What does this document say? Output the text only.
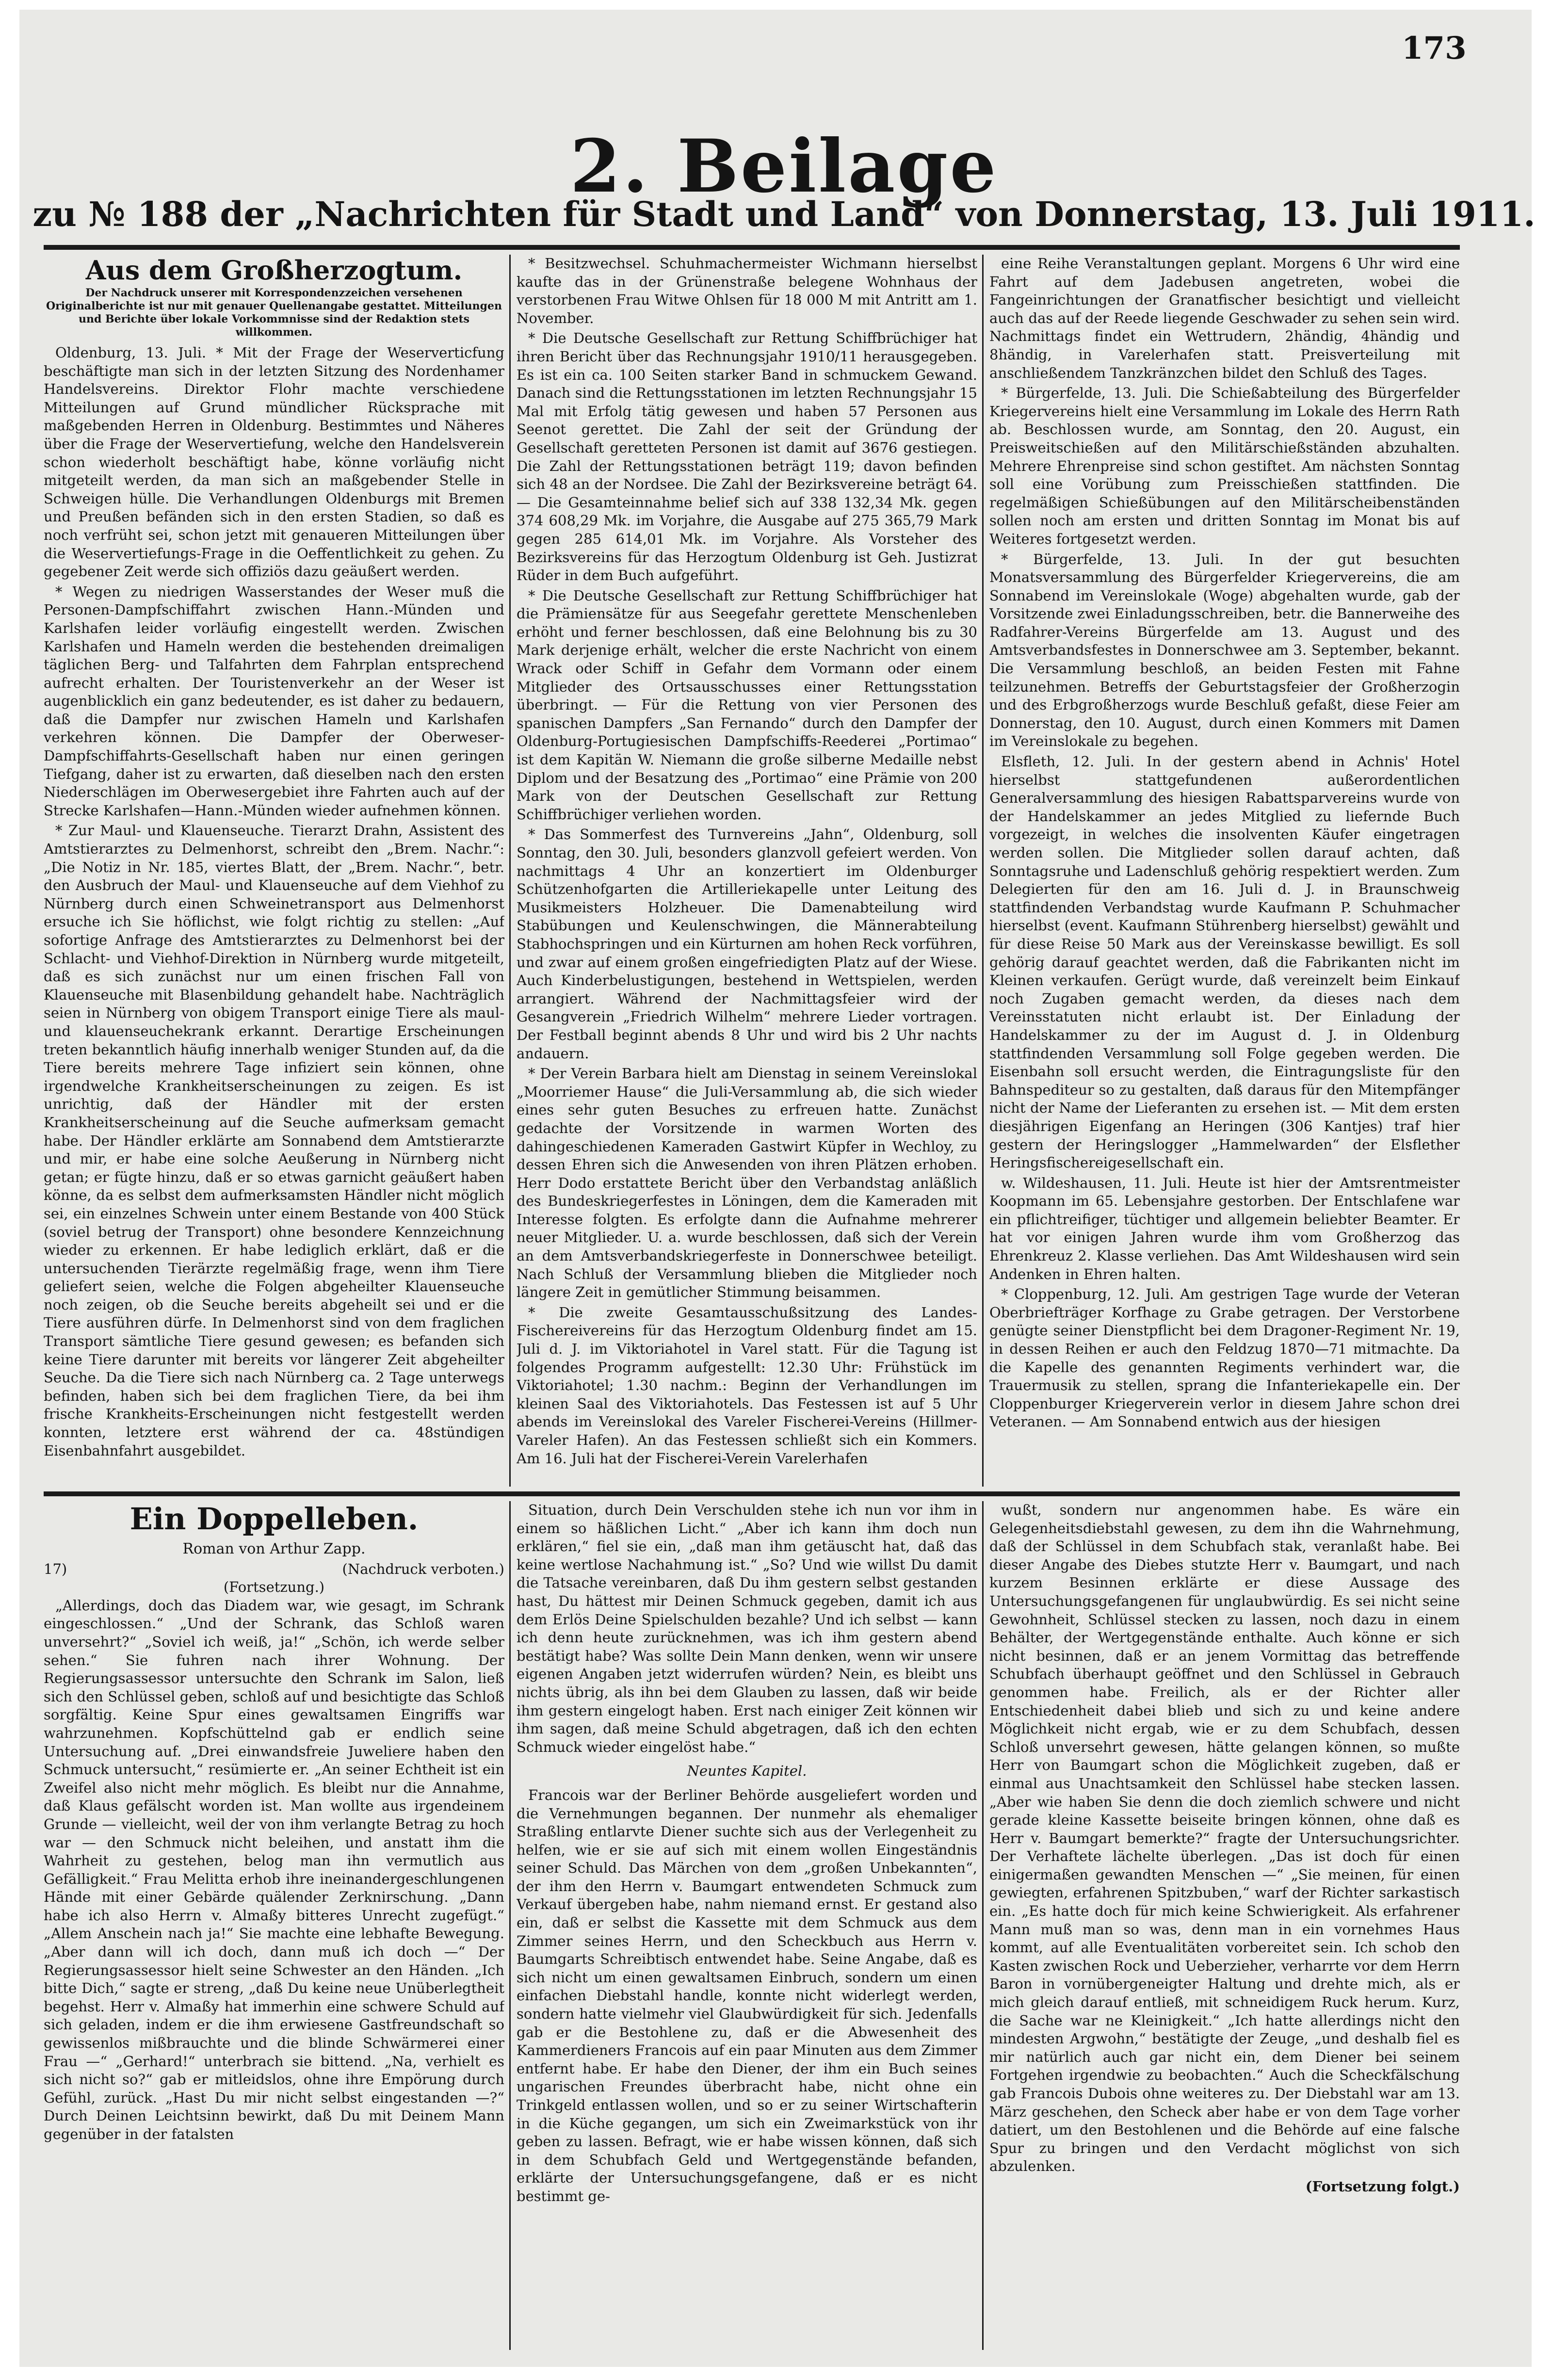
173
2. Beilage
zu № 188 der „Nachrichten für Stadt und Land“ von Donnerstag, 13. Juli 1911.
Aus dem Großherzogtum.
Der Nachdruck unserer mit Korrespondenzzeichen versehenen Originalberichte ist nur mit genauer Quellenangabe gestattet. Mitteilungen und Berichte über lokale Vorkommnisse sind der Redaktion stets willkommen.

Oldenburg, 13. Juli. * Mit der Frage der Weserverticfung beschäftigte man sich in der letzten Sitzung des Nordenhamer Handelsvereins. Direktor Flohr machte verschiedene Mitteilungen auf Grund mündlicher Rücksprache mit maßgebenden Herren in Oldenburg. Bestimmtes und Näheres über die Frage der Weservertiefung, welche den Handelsverein schon wiederholt beschäftigt habe, könne vorläufig nicht mitgeteilt werden, da man sich an maßgebender Stelle in Schweigen hülle. Die Verhandlungen Oldenburgs mit Bremen und Preußen befänden sich in den ersten Stadien, so daß es noch verfrüht sei, schon jetzt mit genaueren Mitteilungen über die Weservertiefungs-Frage in die Oeffentlichkeit zu gehen. Zu gegebener Zeit werde sich offiziös dazu geäußert werden.

* Wegen zu niedrigen Wasserstandes der Weser muß die Personen-Dampfschiffahrt zwischen Hann.-Münden und Karlshafen leider vorläufig eingestellt werden. Zwischen Karlshafen und Hameln werden die bestehenden dreimaligen täglichen Berg- und Talfahrten dem Fahrplan entsprechend aufrecht erhalten. Der Touristenverkehr an der Weser ist augenblicklich ein ganz bedeutender, es ist daher zu bedauern, daß die Dampfer nur zwischen Hameln und Karlshafen verkehren können. Die Dampfer der Oberweser-Dampfschiffahrts-Gesellschaft haben nur einen geringen Tiefgang, daher ist zu erwarten, daß dieselben nach den ersten Niederschlägen im Oberwesergebiet ihre Fahrten auch auf der Strecke Karlshafen—Hann.-Münden wieder aufnehmen können.

* Zur Maul- und Klauenseuche. Tierarzt Drahn, Assistent des Amtstierarztes zu Delmenhorst, schreibt den „Brem. Nachr.“: „Die Notiz in Nr. 185, viertes Blatt, der „Brem. Nachr.“, betr. den Ausbruch der Maul- und Klauenseuche auf dem Viehhof zu Nürnberg durch einen Schweinetransport aus Delmenhorst ersuche ich Sie höflichst, wie folgt richtig zu stellen: „Auf sofortige Anfrage des Amtstierarztes zu Delmenhorst bei der Schlacht- und Viehhof-Direktion in Nürnberg wurde mitgeteilt, daß es sich zunächst nur um einen frischen Fall von Klauenseuche mit Blasenbildung gehandelt habe. Nachträglich seien in Nürnberg von obigem Transport einige Tiere als maul- und klauenseuchekrank erkannt. Derartige Erscheinungen treten bekanntlich häufig innerhalb weniger Stunden auf, da die Tiere bereits mehrere Tage infiziert sein können, ohne irgendwelche Krankheitserscheinungen zu zeigen. Es ist unrichtig, daß der Händler mit der ersten Krankheitserscheinung auf die Seuche aufmerksam gemacht habe. Der Händler erklärte am Sonnabend dem Amtstierarzte und mir, er habe eine solche Aeußerung in Nürnberg nicht getan; er fügte hinzu, daß er so etwas garnicht geäußert haben könne, da es selbst dem aufmerksamsten Händler nicht möglich sei, ein einzelnes Schwein unter einem Bestande von 400 Stück (soviel betrug der Transport) ohne besondere Kennzeichnung wieder zu erkennen. Er habe lediglich erklärt, daß er die untersuchenden Tierärzte regelmäßig frage, wenn ihm Tiere geliefert seien, welche die Folgen abgeheilter Klauenseuche noch zeigen, ob die Seuche bereits abgeheilt sei und er die Tiere ausführen dürfe. In Delmenhorst sind von dem fraglichen Transport sämtliche Tiere gesund gewesen; es befanden sich keine Tiere darunter mit bereits vor längerer Zeit abgeheilter Seuche. Da die Tiere sich nach Nürnberg ca. 2 Tage unterwegs befinden, haben sich bei dem fraglichen Tiere, da bei ihm frische Krankheits-Erscheinungen nicht festgestellt werden konnten, letztere erst während der ca. 48stündigen Eisenbahnfahrt ausgebildet.

* Besitzwechsel. Schuhmachermeister Wichmann hierselbst kaufte das in der Grünenstraße belegene Wohnhaus der verstorbenen Frau Witwe Ohlsen für 18 000 M mit Antritt am 1. November.

* Die Deutsche Gesellschaft zur Rettung Schiffbrüchiger hat ihren Bericht über das Rechnungsjahr 1910/11 herausgegeben. Es ist ein ca. 100 Seiten starker Band in schmuckem Gewand. Danach sind die Rettungsstationen im letzten Rechnungsjahr 15 Mal mit Erfolg tätig gewesen und haben 57 Personen aus Seenot gerettet. Die Zahl der seit der Gründung der Gesellschaft geretteten Personen ist damit auf 3676 gestiegen. Die Zahl der Rettungsstationen beträgt 119; davon befinden sich 48 an der Nordsee. Die Zahl der Bezirksvereine beträgt 64. — Die Gesamteinnahme belief sich auf 338 132,34 Mk. gegen 374 608,29 Mk. im Vorjahre, die Ausgabe auf 275 365,79 Mark gegen 285 614,01 Mk. im Vorjahre. Als Vorsteher des Bezirksvereins für das Herzogtum Oldenburg ist Geh. Justizrat Rüder in dem Buch aufgeführt.

* Die Deutsche Gesellschaft zur Rettung Schiffbrüchiger hat die Prämiensätze für aus Seegefahr gerettete Menschenleben erhöht und ferner beschlossen, daß eine Belohnung bis zu 30 Mark derjenige erhält, welcher die erste Nachricht von einem Wrack oder Schiff in Gefahr dem Vormann oder einem Mitglieder des Ortsausschusses einer Rettungsstation überbringt. — Für die Rettung von vier Personen des spanischen Dampfers „San Fernando“ durch den Dampfer der Oldenburg-Portugiesischen Dampfschiffs-Reederei „Portimao“ ist dem Kapitän W. Niemann die große silberne Medaille nebst Diplom und der Besatzung des „Portimao“ eine Prämie von 200 Mark von der Deutschen Gesellschaft zur Rettung Schiffbrüchiger verliehen worden.

* Das Sommerfest des Turnvereins „Jahn“, Oldenburg, soll Sonntag, den 30. Juli, besonders glanzvoll gefeiert werden. Von nachmittags 4 Uhr an konzertiert im Oldenburger Schützenhofgarten die Artilleriekapelle unter Leitung des Musikmeisters Holzheuer. Die Damenabteilung wird Stabübungen und Keulenschwingen, die Männerabteilung Stabhochspringen und ein Kürturnen am hohen Reck vorführen, und zwar auf einem großen eingefriedigten Platz auf der Wiese. Auch Kinderbelustigungen, bestehend in Wettspielen, werden arrangiert. Während der Nachmittagsfeier wird der Gesangverein „Friedrich Wilhelm“ mehrere Lieder vortragen. Der Festball beginnt abends 8 Uhr und wird bis 2 Uhr nachts andauern.

* Der Verein Barbara hielt am Dienstag in seinem Vereinslokal „Moorriemer Hause“ die Juli-Versammlung ab, die sich wieder eines sehr guten Besuches zu erfreuen hatte. Zunächst gedachte der Vorsitzende in warmen Worten des dahingeschiedenen Kameraden Gastwirt Küpfer in Wechloy, zu dessen Ehren sich die Anwesenden von ihren Plätzen erhoben. Herr Dodo erstattete Bericht über den Verbandstag anläßlich des Bundeskriegerfestes in Löningen, dem die Kameraden mit Interesse folgten. Es erfolgte dann die Aufnahme mehrerer neuer Mitglieder. U. a. wurde beschlossen, daß sich der Verein an dem Amtsverbandskriegerfeste in Donnerschwee beteiligt. Nach Schluß der Versammlung blieben die Mitglieder noch längere Zeit in gemütlicher Stimmung beisammen.

* Die zweite Gesamtausschußsitzung des Landes-Fischereivereins für das Herzogtum Oldenburg findet am 15. Juli d. J. im Viktoriahotel in Varel statt. Für die Tagung ist folgendes Programm aufgestellt: 12.30 Uhr: Frühstück im Viktoriahotel; 1.30 nachm.: Beginn der Verhandlungen im kleinen Saal des Viktoriahotels. Das Festessen ist auf 5 Uhr abends im Vereinslokal des Vareler Fischerei-Vereins (Hillmer-Vareler Hafen). An das Festessen schließt sich ein Kommers. Am 16. Juli hat der Fischerei-Verein Varelerhafen

eine Reihe Veranstaltungen geplant. Morgens 6 Uhr wird eine Fahrt auf dem Jadebusen angetreten, wobei die Fangeinrichtungen der Granatfischer besichtigt und vielleicht auch das auf der Reede liegende Geschwader zu sehen sein wird. Nachmittags findet ein Wettrudern, 2händig, 4händig und 8händig, in Varelerhafen statt. Preisverteilung mit anschließendem Tanzkränzchen bildet den Schluß des Tages.

* Bürgerfelde, 13. Juli. Die Schießabteilung des Bürgerfelder Kriegervereins hielt eine Versammlung im Lokale des Herrn Rath ab. Beschlossen wurde, am Sonntag, den 20. August, ein Preisweitschießen auf den Militärschießständen abzuhalten. Mehrere Ehrenpreise sind schon gestiftet. Am nächsten Sonntag soll eine Vorübung zum Preisschießen stattfinden. Die regelmäßigen Schießübungen auf den Militärscheibenständen sollen noch am ersten und dritten Sonntag im Monat bis auf Weiteres fortgesetzt werden.

* Bürgerfelde, 13. Juli. In der gut besuchten Monatsversammlung des Bürgerfelder Kriegervereins, die am Sonnabend im Vereinslokale (Woge) abgehalten wurde, gab der Vorsitzende zwei Einladungsschreiben, betr. die Bannerweihe des Radfahrer-Vereins Bürgerfelde am 13. August und des Amtsverbandsfestes in Donnerschwee am 3. September, bekannt. Die Versammlung beschloß, an beiden Festen mit Fahne teilzunehmen. Betreffs der Geburtstagsfeier der Großherzogin und des Erbgroßherzogs wurde Beschluß gefaßt, diese Feier am Donnerstag, den 10. August, durch einen Kommers mit Damen im Vereinslokale zu begehen.

Elsfleth, 12. Juli. In der gestern abend in Achnis' Hotel hierselbst stattgefundenen außerordentlichen Generalversammlung des hiesigen Rabattsparvereins wurde von der Handelskammer an jedes Mitglied zu liefernde Buch vorgezeigt, in welches die insolventen Käufer eingetragen werden sollen. Die Mitglieder sollen darauf achten, daß Sonntagsruhe und Ladenschluß gehörig respektiert werden. Zum Delegierten für den am 16. Juli d. J. in Braunschweig stattfindenden Verbandstag wurde Kaufmann P. Schuhmacher hierselbst (event. Kaufmann Stührenberg hierselbst) gewählt und für diese Reise 50 Mark aus der Vereinskasse bewilligt. Es soll gehörig darauf geachtet werden, daß die Fabrikanten nicht im Kleinen verkaufen. Gerügt wurde, daß vereinzelt beim Einkauf noch Zugaben gemacht werden, da dieses nach dem Vereinsstatuten nicht erlaubt ist. Der Einladung der Handelskammer zu der im August d. J. in Oldenburg stattfindenden Versammlung soll Folge gegeben werden. Die Eisenbahn soll ersucht werden, die Eintragungsliste für den Bahnspediteur so zu gestalten, daß daraus für den Mitempfänger nicht der Name der Lieferanten zu ersehen ist. — Mit dem ersten diesjährigen Eigenfang an Heringen (306 Kantjes) traf hier gestern der Heringslogger „Hammelwarden“ der Elsflether Heringsfischereigesellschaft ein.

w. Wildeshausen, 11. Juli. Heute ist hier der Amtsrentmeister Koopmann im 65. Lebensjahre gestorben. Der Entschlafene war ein pflichtreifiger, tüchtiger und allgemein beliebter Beamter. Er hat vor einigen Jahren wurde ihm vom Großherzog das Ehrenkreuz 2. Klasse verliehen. Das Amt Wildeshausen wird sein Andenken in Ehren halten.

* Cloppenburg, 12. Juli. Am gestrigen Tage wurde der Veteran Oberbriefträger Korfhage zu Grabe getragen. Der Verstorbene genügte seiner Dienstpflicht bei dem Dragoner-Regiment Nr. 19, in dessen Reihen er auch den Feldzug 1870—71 mitmachte. Da die Kapelle des genannten Regiments verhindert war, die Trauermusik zu stellen, sprang die Infanteriekapelle ein. Der Cloppenburger Kriegerverein verlor in diesem Jahre schon drei Veteranen. — Am Sonnabend entwich aus der hiesigen

Ein Doppelleben.
Roman von Arthur Zapp.
17)	(Nachdruck verboten.)
(Fortsetzung.)

„Allerdings, doch das Diadem war, wie gesagt, im Schrank eingeschlossen.“ „Und der Schrank, das Schloß waren unversehrt?“ „Soviel ich weiß, ja!“ „Schön, ich werde selber sehen.“ Sie fuhren nach ihrer Wohnung. Der Regierungsassessor untersuchte den Schrank im Salon, ließ sich den Schlüssel geben, schloß auf und besichtigte das Schloß sorgfältig. Keine Spur eines gewaltsamen Eingriffs war wahrzunehmen. Kopfschüttelnd gab er endlich seine Untersuchung auf. „Drei einwandsfreie Juweliere haben den Schmuck untersucht,“ resümierte er. „An seiner Echtheit ist ein Zweifel also nicht mehr möglich. Es bleibt nur die Annahme, daß Klaus gefälscht worden ist. Man wollte aus irgendeinem Grunde — vielleicht, weil der von ihm verlangte Betrag zu hoch war — den Schmuck nicht beleihen, und anstatt ihm die Wahrheit zu gestehen, belog man ihn vermutlich aus Gefälligkeit.“ Frau Melitta erhob ihre ineinandergeschlungenen Hände mit einer Gebärde quälender Zerknirschung. „Dann habe ich also Herrn v. Almaßy bitteres Unrecht zugefügt.“ „Allem Anschein nach ja!“ Sie machte eine lebhafte Bewegung. „Aber dann will ich doch, dann muß ich doch —“ Der Regierungsassessor hielt seine Schwester an den Händen. „Ich bitte Dich,“ sagte er streng, „daß Du keine neue Unüberlegtheit begehst. Herr v. Almaßy hat immerhin eine schwere Schuld auf sich geladen, indem er die ihm erwiesene Gastfreundschaft so gewissenlos mißbrauchte und die blinde Schwärmerei einer Frau —“ „Gerhard!“ unterbrach sie bittend. „Na, verhielt es sich nicht so?“ gab er mitleidslos, ohne ihre Empörung durch Gefühl, zurück. „Hast Du mir nicht selbst eingestanden —?“ Durch Deinen Leichtsinn bewirkt, daß Du mit Deinem Mann gegenüber in der fatalsten

Situation, durch Dein Verschulden stehe ich nun vor ihm in einem so häßlichen Licht.“ „Aber ich kann ihm doch nun erklären,“ fiel sie ein, „daß man ihm getäuscht hat, daß das keine wertlose Nachahmung ist.“ „So? Und wie willst Du damit die Tatsache vereinbaren, daß Du ihm gestern selbst gestanden hast, Du hättest mir Deinen Schmuck gegeben, damit ich aus dem Erlös Deine Spielschulden bezahle? Und ich selbst — kann ich denn heute zurücknehmen, was ich ihm gestern abend bestätigt habe? Was sollte Dein Mann denken, wenn wir unsere eigenen Angaben jetzt widerrufen würden? Nein, es bleibt uns nichts übrig, als ihn bei dem Glauben zu lassen, daß wir beide ihm gestern eingelogt haben. Erst nach einiger Zeit können wir ihm sagen, daß meine Schuld abgetragen, daß ich den echten Schmuck wieder eingelöst habe.“

Neuntes Kapitel.

Francois war der Berliner Behörde ausgeliefert worden und die Vernehmungen begannen. Der nunmehr als ehemaliger Straßling entlarvte Diener suchte sich aus der Verlegenheit zu helfen, wie er sie auf sich mit einem wollen Eingeständnis seiner Schuld. Das Märchen von dem „großen Unbekannten“, der ihm den Herrn v. Baumgart entwendeten Schmuck zum Verkauf übergeben habe, nahm niemand ernst. Er gestand also ein, daß er selbst die Kassette mit dem Schmuck aus dem Zimmer seines Herrn, und den Scheckbuch aus Herrn v. Baumgarts Schreibtisch entwendet habe. Seine Angabe, daß es sich nicht um einen gewaltsamen Einbruch, sondern um einen einfachen Diebstahl handle, konnte nicht widerlegt werden, sondern hatte vielmehr viel Glaubwürdigkeit für sich. Jedenfalls gab er die Bestohlene zu, daß er die Abwesenheit des Kammerdieners Francois auf ein paar Minuten aus dem Zimmer entfernt habe. Er habe den Diener, der ihm ein Buch seines ungarischen Freundes überbracht habe, nicht ohne ein Trinkgeld entlassen wollen, und so er zu seiner Wirtschafterin in die Küche gegangen, um sich ein Zweimarkstück von ihr geben zu lassen. Befragt, wie er habe wissen können, daß sich in dem Schubfach Geld und Wertgegenstände befanden, erklärte der Untersuchungsgefangene, daß er es nicht bestimmt ge-

wußt, sondern nur angenommen habe. Es wäre ein Gelegenheitsdiebstahl gewesen, zu dem ihn die Wahrnehmung, daß der Schlüssel in dem Schubfach stak, veranlaßt habe. Bei dieser Angabe des Diebes stutzte Herr v. Baumgart, und nach kurzem Besinnen erklärte er diese Aussage des Untersuchungsgefangenen für unglaubwürdig. Es sei nicht seine Gewohnheit, Schlüssel stecken zu lassen, noch dazu in einem Behälter, der Wertgegenstände enthalte. Auch könne er sich nicht besinnen, daß er an jenem Vormittag das betreffende Schubfach überhaupt geöffnet und den Schlüssel in Gebrauch genommen habe. Freilich, als er der Richter aller Entschiedenheit dabei blieb und sich zu und keine andere Möglichkeit nicht ergab, wie er zu dem Schubfach, dessen Schloß unversehrt gewesen, hätte gelangen können, so mußte Herr von Baumgart schon die Möglichkeit zugeben, daß er einmal aus Unachtsamkeit den Schlüssel habe stecken lassen. „Aber wie haben Sie denn die doch ziemlich schwere und nicht gerade kleine Kassette beiseite bringen können, ohne daß es Herr v. Baumgart bemerkte?“ fragte der Untersuchungsrichter. Der Verhaftete lächelte überlegen. „Das ist doch für einen einigermaßen gewandten Menschen —“ „Sie meinen, für einen gewiegten, erfahrenen Spitzbuben,“ warf der Richter sarkastisch ein. „Es hatte doch für mich keine Schwierigkeit. Als erfahrener Mann muß man so was, denn man in ein vornehmes Haus kommt, auf alle Eventualitäten vorbereitet sein. Ich schob den Kasten zwischen Rock und Ueberzieher, verharrte vor dem Herrn Baron in vornübergeneigter Haltung und drehte mich, als er mich gleich darauf entließ, mit schneidigem Ruck herum. Kurz, die Sache war ne Kleinigkeit.“ „Ich hatte allerdings nicht den mindesten Argwohn,“ bestätigte der Zeuge, „und deshalb fiel es mir natürlich auch gar nicht ein, dem Diener bei seinem Fortgehen irgendwie zu beobachten.“ Auch die Scheckfälschung gab Francois Dubois ohne weiteres zu. Der Diebstahl war am 13. März geschehen, den Scheck aber habe er von dem Tage vorher datiert, um den Bestohlenen und die Behörde auf eine falsche Spur zu bringen und den Verdacht möglichst von sich abzulenken.

(Fortsetzung folgt.)
